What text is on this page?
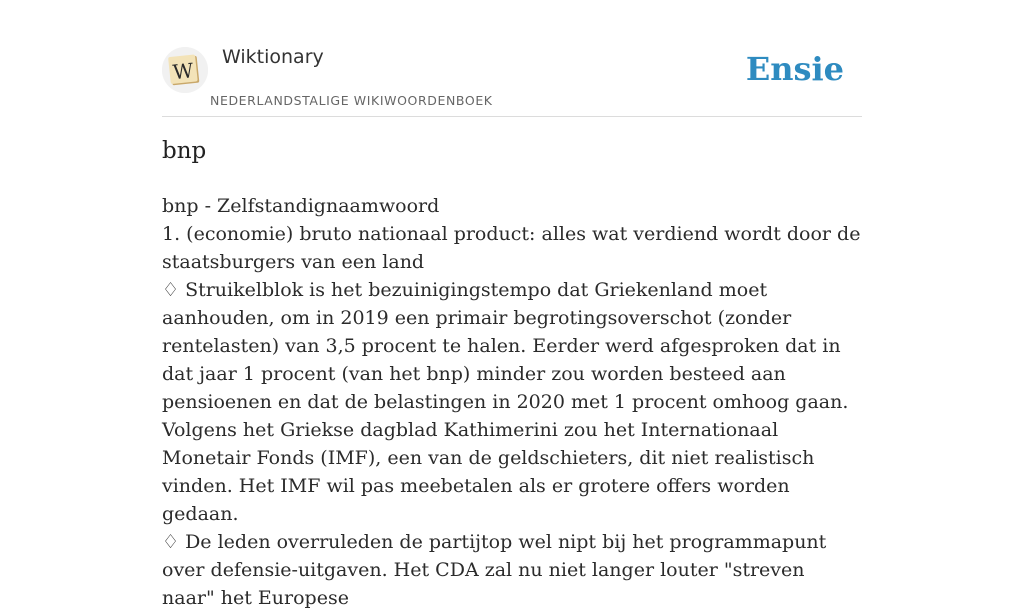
W
Wiktionary
NEDERLANDSTALIGE WIKIWOORDENBOEK
Ensie
bnp

bnp - Zelfstandignaamwoord

1. (economie) bruto nationaal product: alles wat verdiend wordt door de staatsburgers van een land

♢ Struikelblok is het bezuinigingstempo dat Griekenland moet aanhouden, om in 2019 een primair begrotingsoverschot (zonder rentelasten) van 3,5 procent te halen. Eerder werd afgesproken dat in dat jaar 1 procent (van het bnp) minder zou worden besteed aan pensioenen en dat de belastingen in 2020 met 1 procent omhoog gaan. Volgens het Griekse dagblad Kathimerini zou het Internationaal Monetair Fonds (IMF), een van de geldschieters, dit niet realistisch vinden. Het IMF wil pas meebetalen als er grotere offers worden gedaan.

♢ De leden overruleden de partijtop wel nipt bij het programmapunt over defensie-uitgaven. Het CDA zal nu niet langer louter "streven naar" het Europese
